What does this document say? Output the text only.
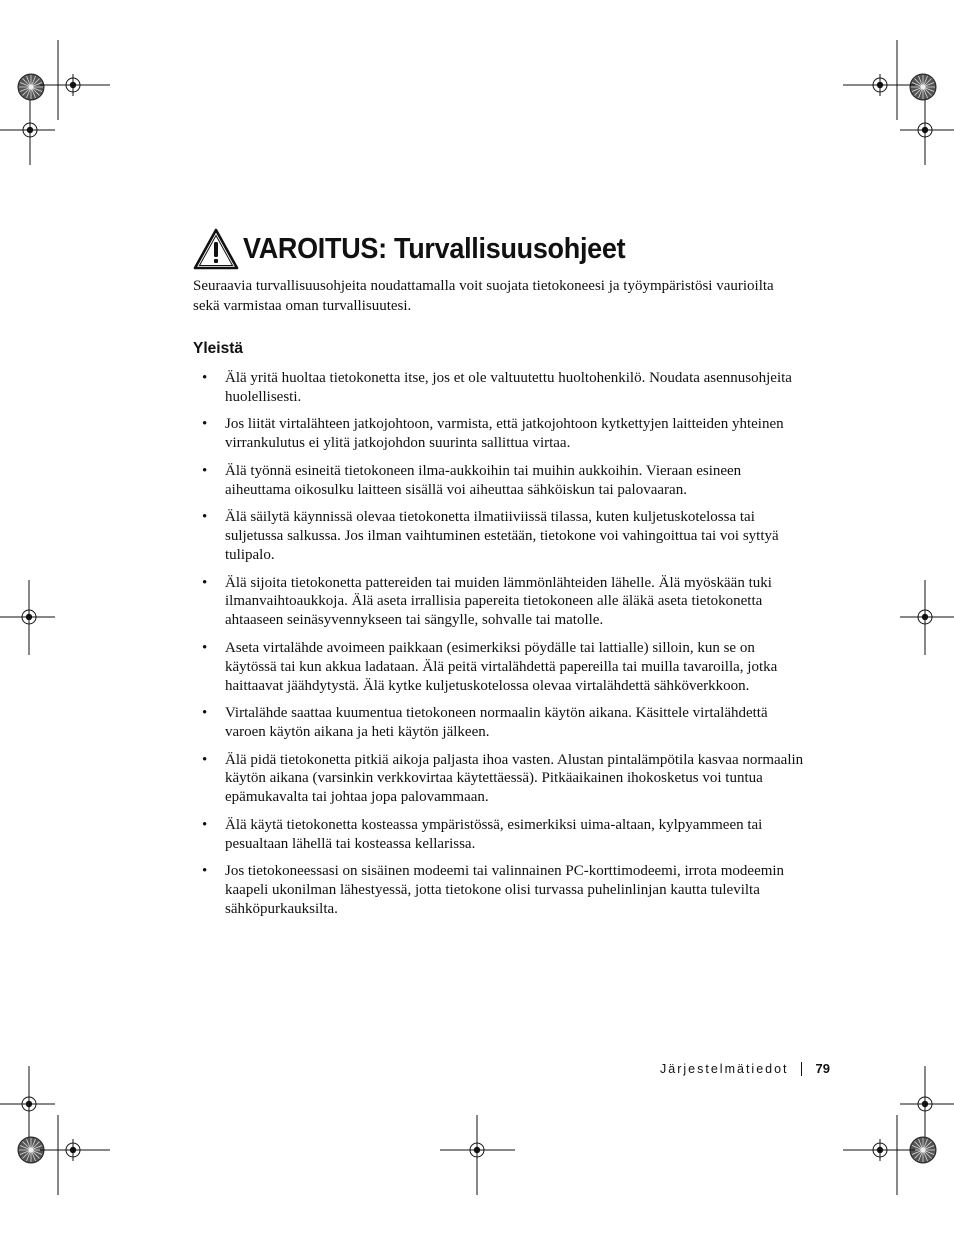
VAROITUS: Turvallisuusohjeet

Seuraavia turvallisuusohjeita noudattamalla voit suojata tietokoneesi ja työympäristösi vaurioilta sekä varmistaa oman turvallisuutesi.

Yleistä
• Älä yritä huoltaa tietokonetta itse, jos et ole valtuutettu huoltohenkilö. Noudata asennusohjeita huolellisesti.
• Jos liität virtalähteen jatkojohtoon, varmista, että jatkojohtoon kytkettyjen laitteiden yhteinen virrankulutus ei ylitä jatkojohdon suurinta sallittua virtaa.
• Älä työnnä esineitä tietokoneen ilma-aukkoihin tai muihin aukkoihin. Vieraan esineen aiheuttama oikosulku laitteen sisällä voi aiheuttaa sähköiskun tai palovaaran.
• Älä säilytä käynnissä olevaa tietokonetta ilmatiiviissä tilassa, kuten kuljetuskotelossa tai suljetussa salkussa. Jos ilman vaihtuminen estetään, tietokone voi vahingoittua tai voi syttyä tulipalo.
• Älä sijoita tietokonetta pattereiden tai muiden lämmönlähteiden lähelle. Älä myöskään tuki ilmanvaihtoaukkoja. Älä aseta irrallisia papereita tietokoneen alle äläkä aseta tietokonetta ahtaaseen seinäsyvennykseen tai sängylle, sohvalle tai matolle.
• Aseta virtalähde avoimeen paikkaan (esimerkiksi pöydälle tai lattialle) silloin, kun se on käytössä tai kun akkua ladataan. Älä peitä virtalähdettä papereilla tai muilla tavaroilla, jotka haittaavat jäähdytystä. Älä kytke kuljetuskotelossa olevaa virtalähdettä sähköverkkoon.
• Virtalähde saattaa kuumentua tietokoneen normaalin käytön aikana. Käsittele virtalähdettä varoen käytön aikana ja heti käytön jälkeen.
• Älä pidä tietokonetta pitkiä aikoja paljasta ihoa vasten. Alustan pintalämpötila kasvaa normaalin käytön aikana (varsinkin verkkovirtaa käytettäessä). Pitkäaikainen ihokosketus voi tuntua epämukavalta tai johtaa jopa palovammaan.
• Älä käytä tietokonetta kosteassa ympäristössä, esimerkiksi uima-altaan, kylpyammeen tai pesualtaan lähellä tai kosteassa kellarissa.
• Jos tietokoneessasi on sisäinen modeemi tai valinnainen PC-korttimodeemi, irrota modeemin kaapeli ukonilman lähestyessä, jotta tietokone olisi turvassa puhelinlinjan kautta tulevilta sähköpurkauksilta.
Järjestelmätiedot 79
